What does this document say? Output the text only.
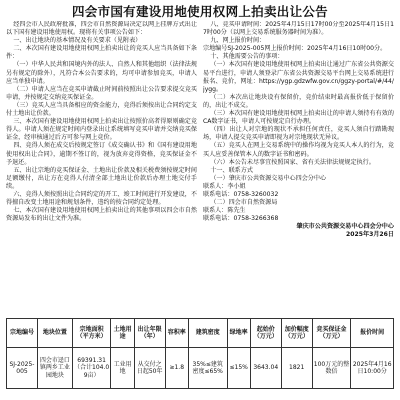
四会市国有建设用地使用权网上拍卖出让公告

经四会市人民政府批准，四会市自然资源局决定以网上挂牌方式出让以下国有建设用地使用权。现将有关事项公告如下：

一、出让地块的基本情况及有关要求（见附表）

二、本次国有建设用地使用权网上拍卖出让的竞买人应当具备如下条件：

（一）中华人民共和国境内外的法人、自然人和其他组织（法律法规另有规定的除外），凡符合本公告要求的，均可申请参加竞买，申请人应当单独申请。

（二）申请人应当在竞买申请截止时间前按照出让公告要求提交竞买申请，并按规定交纳竞买保证金。

（三）竞买人应当具备相应的资金能力，竞得后须按出让合同约定支付土地出让价款。

三、本次国有建设用地使用权网上拍卖出让按照价高者得原则确定竞得人。申请人须在规定时间内登录出让系统填写竞买申请并交纳竞买保证金，经审核通过后方可参与网上竞价。

四、竞得人须在成交后按规定签订《成交确认书》和《国有建设用地使用权出让合同》，逾期不签订的，视为放弃竞得资格，竞买保证金不予退还。

五、出让宗地的竞买保证金、土地出让价款及相关税费须按规定时间足额缴付，出让方在竞得人付清全部土地出让价款后办理土地交付手续。

六、竞得人须按照出让合同约定的开工、竣工时间进行开发建设，不得擅自改变土地用途和规划条件，违约的按合同约定处理。

七、本次国有建设用地使用权网上拍卖出让的其他事项以四会市自然资源局发布的出让文件为准。

八、竞买申请时间：2025年4月15日17时00分至2025年4月15日17时00分（以网上交易系统服务器时间为准）。

九、网上报价时间：

宗地编号SJ-2025-005网上报价时间：2025年4月16日10时00分。

十、其他需要公告的事项：

（一）本次国有建设用地使用权网上拍卖出让通过广东省公共资源交易平台进行，申请人须登录广东省公共资源交易平台网上交易系统进行报名、竞价，网址：https://ygp.gdzwfw.gov.cn/ggzy-portal/#/44/jygg。

（二）本次出让地块设有保留价，竞价结束时最高报价低于保留价的，出让不成交。

（三）本次国有建设用地使用权网上拍卖出让的申请人须持有有效的CA数字证书，申请人可按规定自行办理。

（四）出让人对宗地的现状不承担任何责任，竞买人须自行踏勘现场，申请人提交竞买申请即视为对宗地现状无异议。

（五）竞买人在网上交易系统中的操作均视为竞买人本人的行为，竞买人应妥善保管本人的数字证书和密码。

（六）本公告未尽事宜按照国家、省有关法律法规规定执行。

十一、联系方式

（一）肇庆市公共资源交易中心四会分中心

联系人：李小姐

联系电话：0758-3260032

（二）四会市自然资源局

联系人：陈先生

联系电话：0758-3266368

肇庆市公共资源交易中心四会分中心

2025年3月26日

宗地编号	地块位置	宗地面积（平方米）	土地用途	出让年限（年）	容积率	建筑密度	绿地率	起始价（万元）	加价幅度（万元）	竞买保证金（万元）	报价时间
SJ-2025-005	四会市迳口镇两乡工业园地块	69391.31（合计104.09亩）	工业用地	从交付之日起50年	≥1.8	35%≤建筑密度≤65%	≤15%	3643.04	1821	100万元的整数倍	2025年4月16日10:00分
